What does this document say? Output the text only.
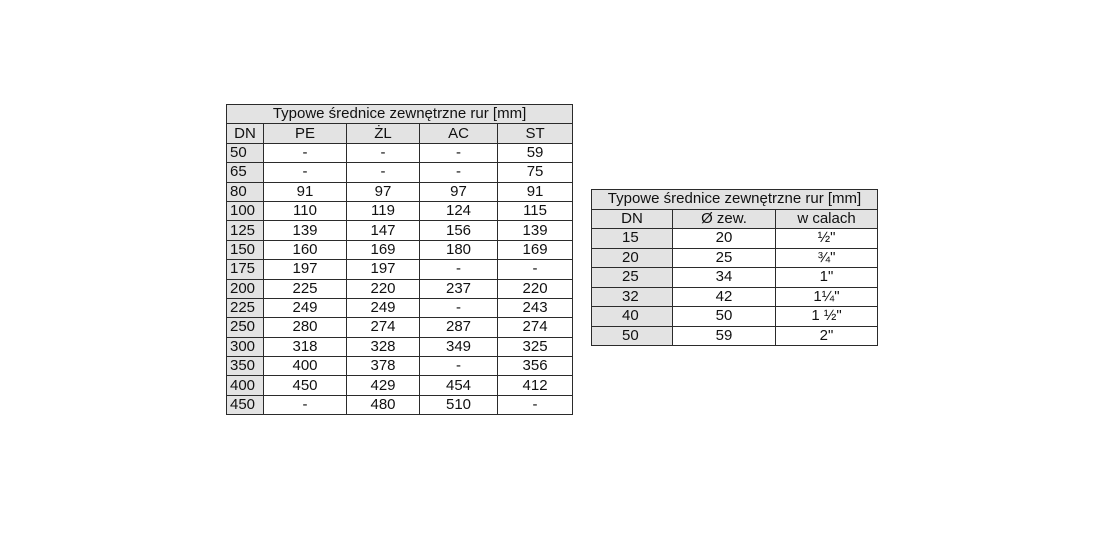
Typowe średnice zewnętrzne rur [mm]				
DN	PE	ŻL	AC	ST
50	-	-	-	59
65	-	-	-	75
80	91	97	97	91
100	110	119	124	115
125	139	147	156	139
150	160	169	180	169
175	197	197	-	-
200	225	220	237	220
225	249	249	-	243
250	280	274	287	274
300	318	328	349	325
350	400	378	-	356
400	450	429	454	412
450	-	480	510	-
Typowe średnice zewnętrzne rur [mm]		
DN	Ø zew.	w calach
15	20	½"
20	25	¾"
25	34	1"
32	42	1¼"
40	50	1 ½"
50	59	2"
